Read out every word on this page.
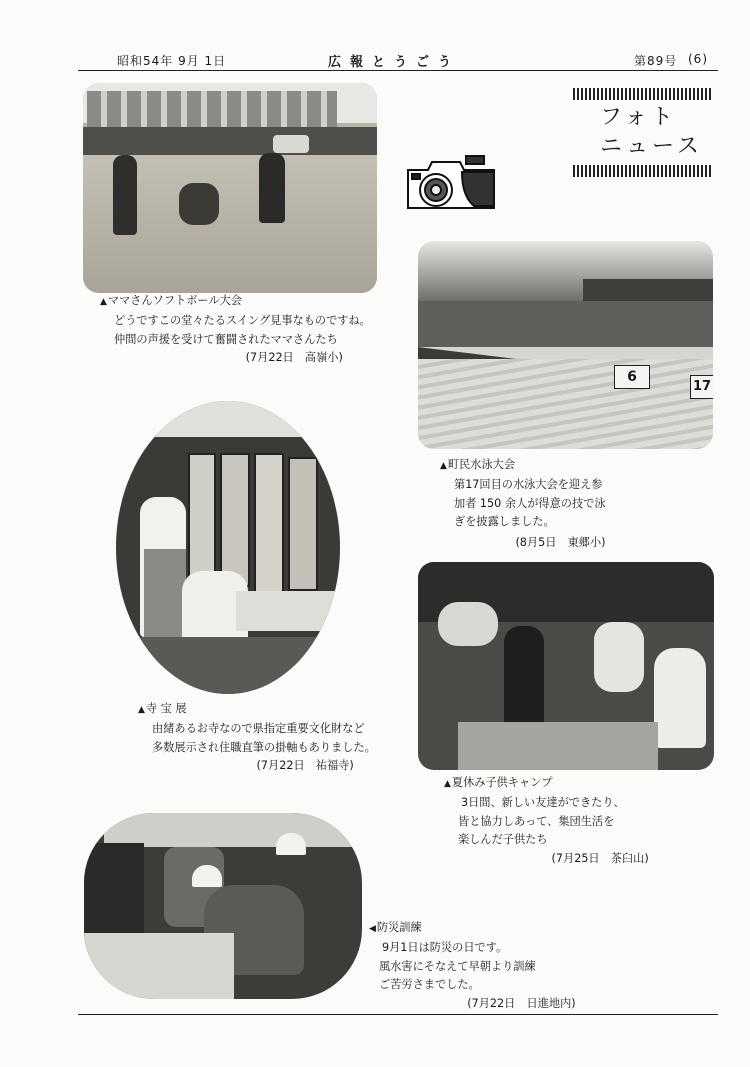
昭和54年 9月 1日	広報とうごう	第89号 (6)
フォト
ニュース
▲ ママさんソフトボール大会
どうですこの堂々たるスイング見事なものですね。
仲間の声援を受けて奮闘されたママさんたち
(7月22日　高嶺小)
6
17
▲ 町民水泳大会
第17回目の水泳大会を迎え参
加者 150 余人が得意の技で泳
ぎを披露しました。
(8月5日　東郷小)
▲ 寺 宝 展
由緒あるお寺なので県指定重要文化財など
多数展示され住職直筆の掛軸もありました。
(7月22日　祐福寺)
▲ 夏休み子供キャンプ
3日間、新しい友達ができたり、
皆と協力しあって、集団生活を
楽しんだ子供たち
(7月25日　茶臼山)
◀ 防災訓練
9月1日は防災の日です。
風水害にそなえて早朝より訓練
ご苦労さまでした。
(7月22日　日進地内)
